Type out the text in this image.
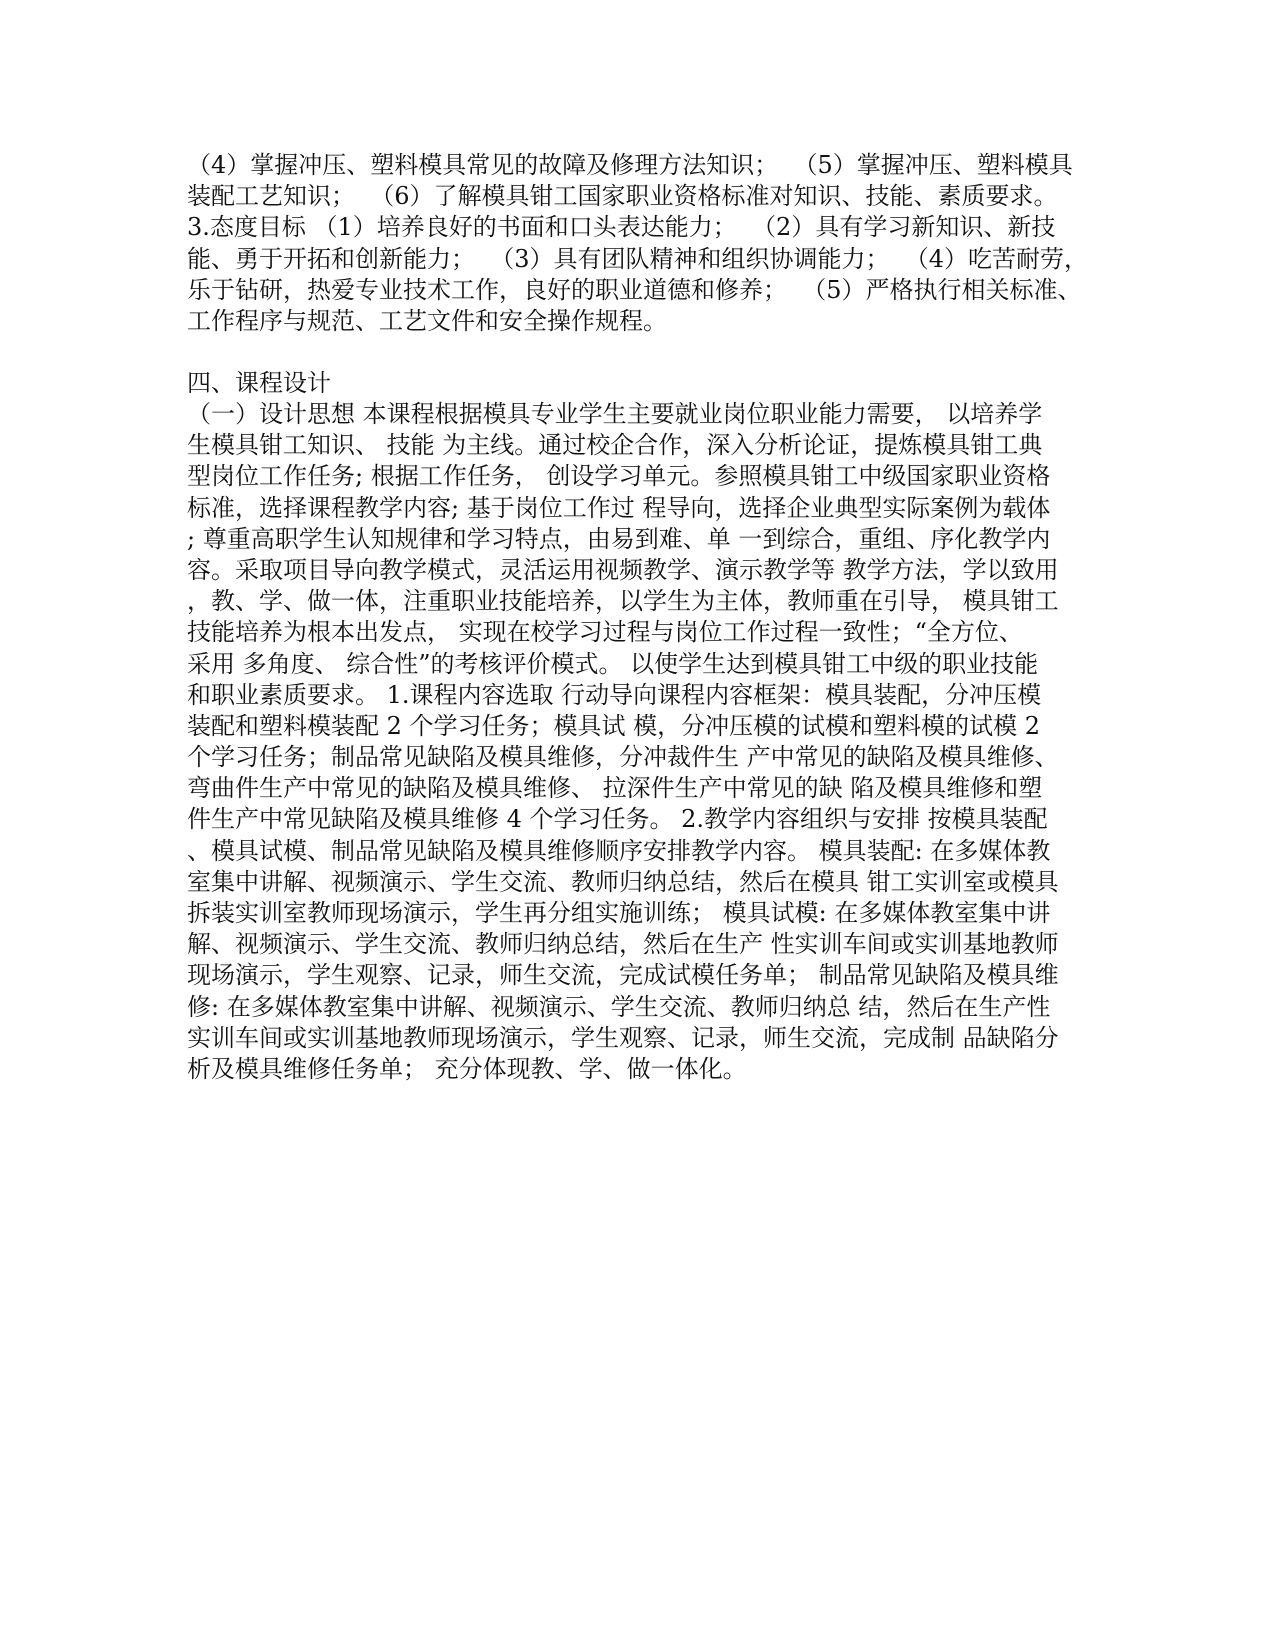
（4）掌握冲压、塑料模具常见的故障及修理方法知识；  （5）掌握冲压、塑料模具
装配工艺知识；  （6）了解模具钳工国家职业资格标准对知识、技能、素质要求。
3.态度目标 （1）培养良好的书面和口头表达能力；  （2）具有学习新知识、新技
能、勇于开拓和创新能力；  （3）具有团队精神和组织协调能力；  （4）吃苦耐劳，
乐于钻研，热爱专业技术工作，良好的职业道德和修养；  （5）严格执行相关标准、
工作程序与规范、工艺文件和安全操作规程。
四、课程设计
（一）设计思想 本课程根据模具专业学生主要就业岗位职业能力需要， 以培养学
生模具钳工知识、 技能 为主线。通过校企合作，深入分析论证，提炼模具钳工典
型岗位工作任务; 根据工作任务， 创设学习单元。参照模具钳工中级国家职业资格
标准，选择课程教学内容; 基于岗位工作过 程导向，选择企业典型实际案例为载体
; 尊重高职学生认知规律和学习特点，由易到难、单 一到综合，重组、序化教学内
容。采取项目导向教学模式，灵活运用视频教学、演示教学等 教学方法，学以致用
，教、学、做一体，注重职业技能培养，以学生为主体，教师重在引导， 模具钳工
技能培养为根本出发点， 实现在校学习过程与岗位工作过程一致性；“全方位、
采用 多角度、 综合性”的考核评价模式。 以使学生达到模具钳工中级的职业技能
和职业素质要求。 1.课程内容选取 行动导向课程内容框架：模具装配，分冲压模
装配和塑料模装配 2 个学习任务；模具试 模，分冲压模的试模和塑料模的试模 2
个学习任务；制品常见缺陷及模具维修，分冲裁件生 产中常见的缺陷及模具维修、
弯曲件生产中常见的缺陷及模具维修、 拉深件生产中常见的缺 陷及模具维修和塑
件生产中常见缺陷及模具维修 4 个学习任务。 2.教学内容组织与安排 按模具装配
、模具试模、制品常见缺陷及模具维修顺序安排教学内容。 模具装配: 在多媒体教
室集中讲解、视频演示、学生交流、教师归纳总结，然后在模具 钳工实训室或模具
拆装实训室教师现场演示，学生再分组实施训练； 模具试模: 在多媒体教室集中讲
解、视频演示、学生交流、教师归纳总结，然后在生产 性实训车间或实训基地教师
现场演示，学生观察、记录，师生交流，完成试模任务单； 制品常见缺陷及模具维
修: 在多媒体教室集中讲解、视频演示、学生交流、教师归纳总 结，然后在生产性
实训车间或实训基地教师现场演示，学生观察、记录，师生交流，完成制 品缺陷分
析及模具维修任务单； 充分体现教、学、做一体化。
